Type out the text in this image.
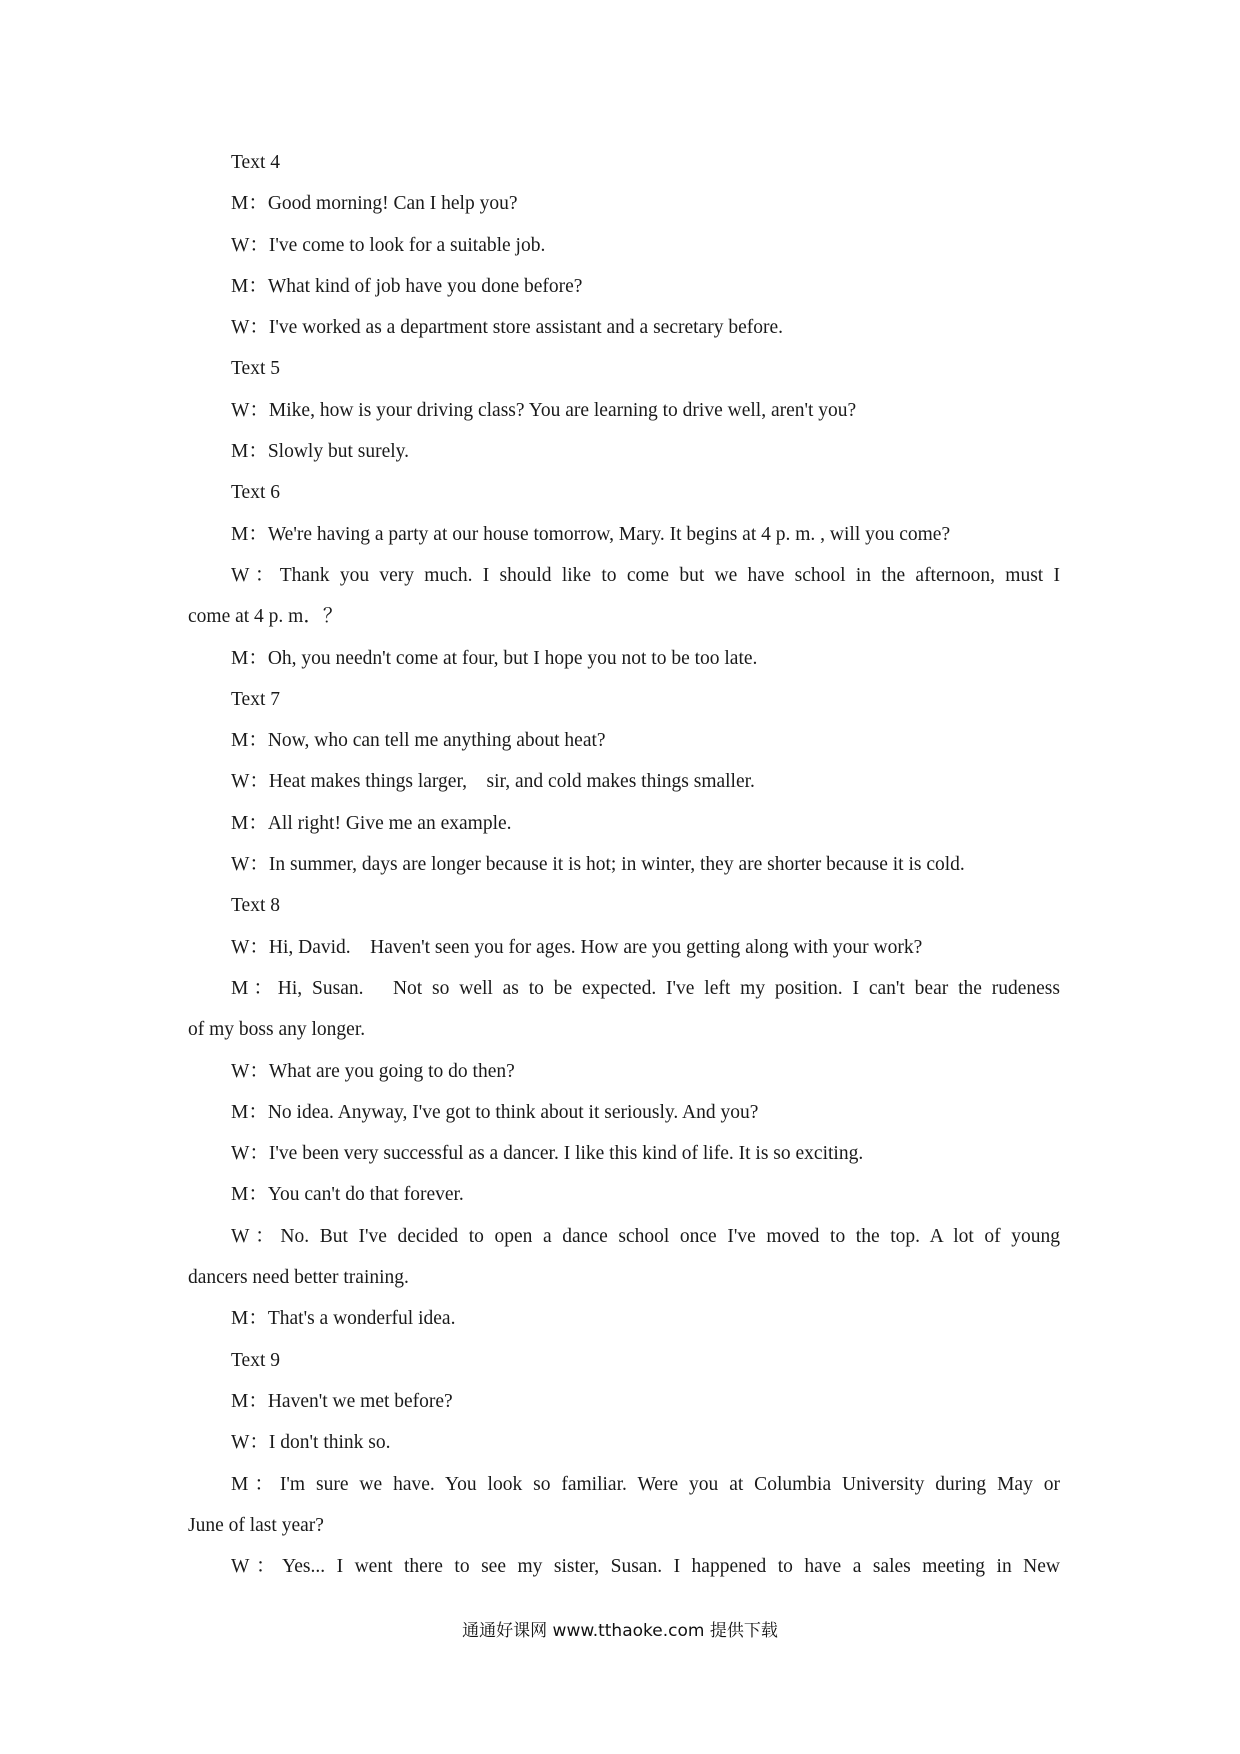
Text 4

M：Good morning! Can I help you?

W：I've come to look for a suitable job.

M：What kind of job have you done before?

W：I've worked as a department store assistant and a secretary before.

Text 5

W：Mike, how is your driving class? You are learning to drive well, aren't you?

M：Slowly but surely.

Text 6

M：We're having a party at our house tomorrow, Mary. It begins at 4 p. m. , will you come?

W：Thank you very much. I should like to come but we have school in the afternoon, must I

come at 4 p. m．？

M：Oh, you needn't come at four, but I hope you not to be too late.

Text 7

M：Now, who can tell me anything about heat?

W：Heat makes things larger,　sir, and cold makes things smaller.

M：All right! Give me an example.

W：In summer, days are longer because it is hot; in winter, they are shorter because it is cold.

Text 8

W：Hi, David.　Haven't seen you for ages. How are you getting along with your work?

M：Hi, Susan.　Not so well as to be expected. I've left my position. I can't bear the rudeness

of my boss any longer.

W：What are you going to do then?

M：No idea. Anyway, I've got to think about it seriously. And you?

W：I've been very successful as a dancer. I like this kind of life. It is so exciting.

M：You can't do that forever.

W：No. But I've decided to open a dance school once I've moved to the top. A lot of young

dancers need better training.

M：That's a wonderful idea.

Text 9

M：Haven't we met before?

W：I don't think so.

M：I'm sure we have. You look so familiar. Were you at Columbia University during May or

June of last year?

W：Yes... I went there to see my sister, Susan. I happened to have a sales meeting in New

通通好课网 www.tthaoke.com 提供下载
